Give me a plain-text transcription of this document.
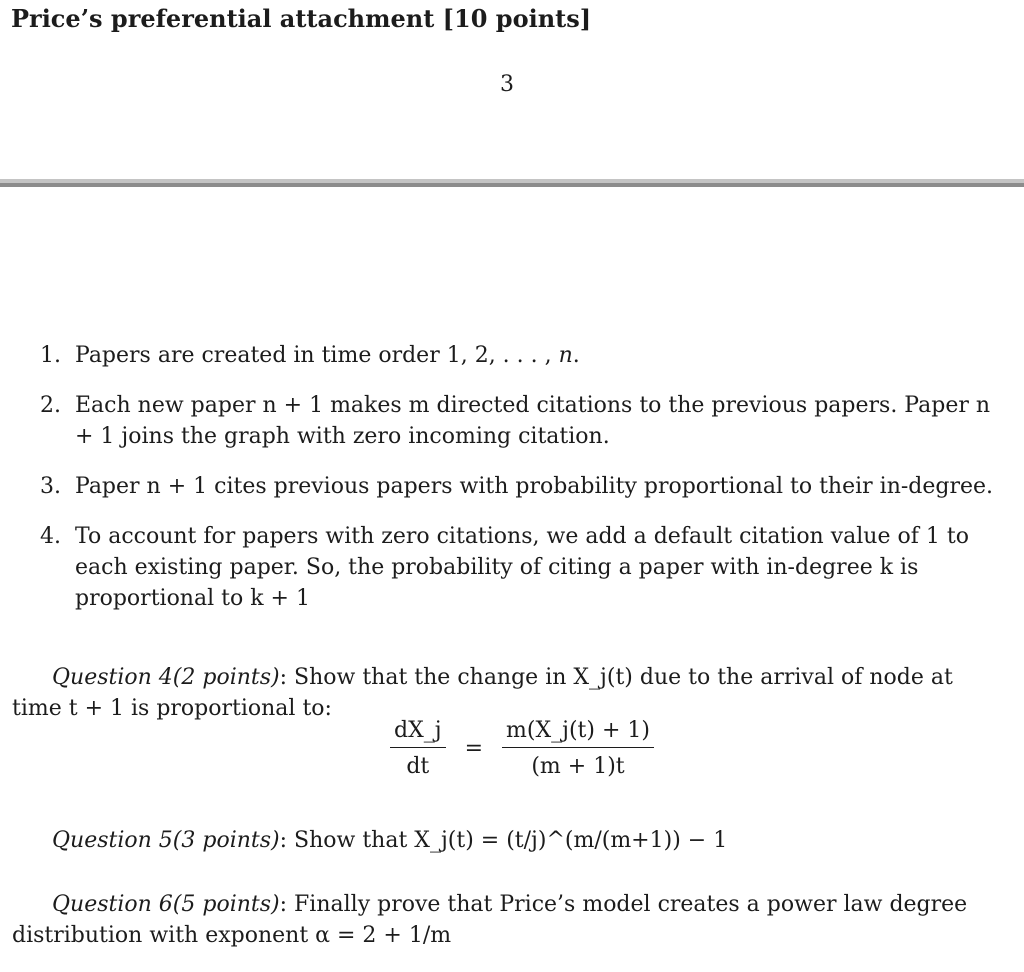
Price’s preferential attachment [10 points]
3
1. Papers are created in time order 1, 2, . . . , n.
2. Each new paper n + 1 makes m directed citations to the previous papers. Paper n + 1 joins the graph with zero incoming citation.
3. Paper n + 1 cites previous papers with probability proportional to their in-degree.
4. To account for papers with zero citations, we add a default citation value of 1 to each existing paper. So, the probability of citing a paper with in-degree k is proportional to k + 1
Question 4(2 points): Show that the change in X_j(t) due to the arrival of node at time t + 1 is proportional to:
$\frac{dX\_j}{dt} = \frac{m(X\_j(t) + 1)}{(m + 1)t}$
Question 5(3 points): Show that X_j(t) = (t/j)^(m/(m+1)) − 1
Question 6(5 points): Finally prove that Price’s model creates a power law degree distribution with exponent α = 2 + 1/m
